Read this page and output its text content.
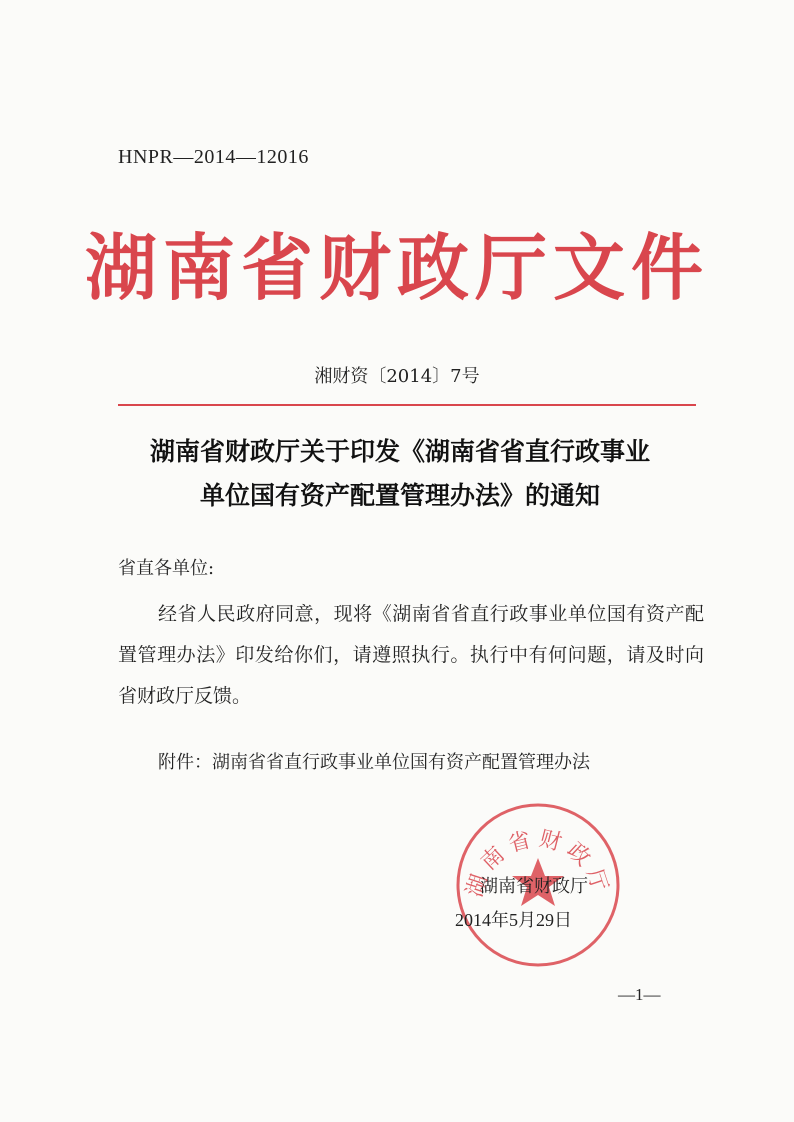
HNPR—2014—12016
湖南省财政厅文件
湘财资〔2014〕7号
湖南省财政厅关于印发《湖南省省直行政事业
单位国有资产配置管理办法》的通知
省直各单位:
经省人民政府同意，现将《湖南省省直行政事业单位国有资产配置管理办法》印发给你们，请遵照执行。执行中有何问题，请及时向省财政厅反馈。
附件：湖南省省直行政事业单位国有资产配置管理办法
湖南省财政厅
湖南省财政厅
2014年5月29日
—1—
